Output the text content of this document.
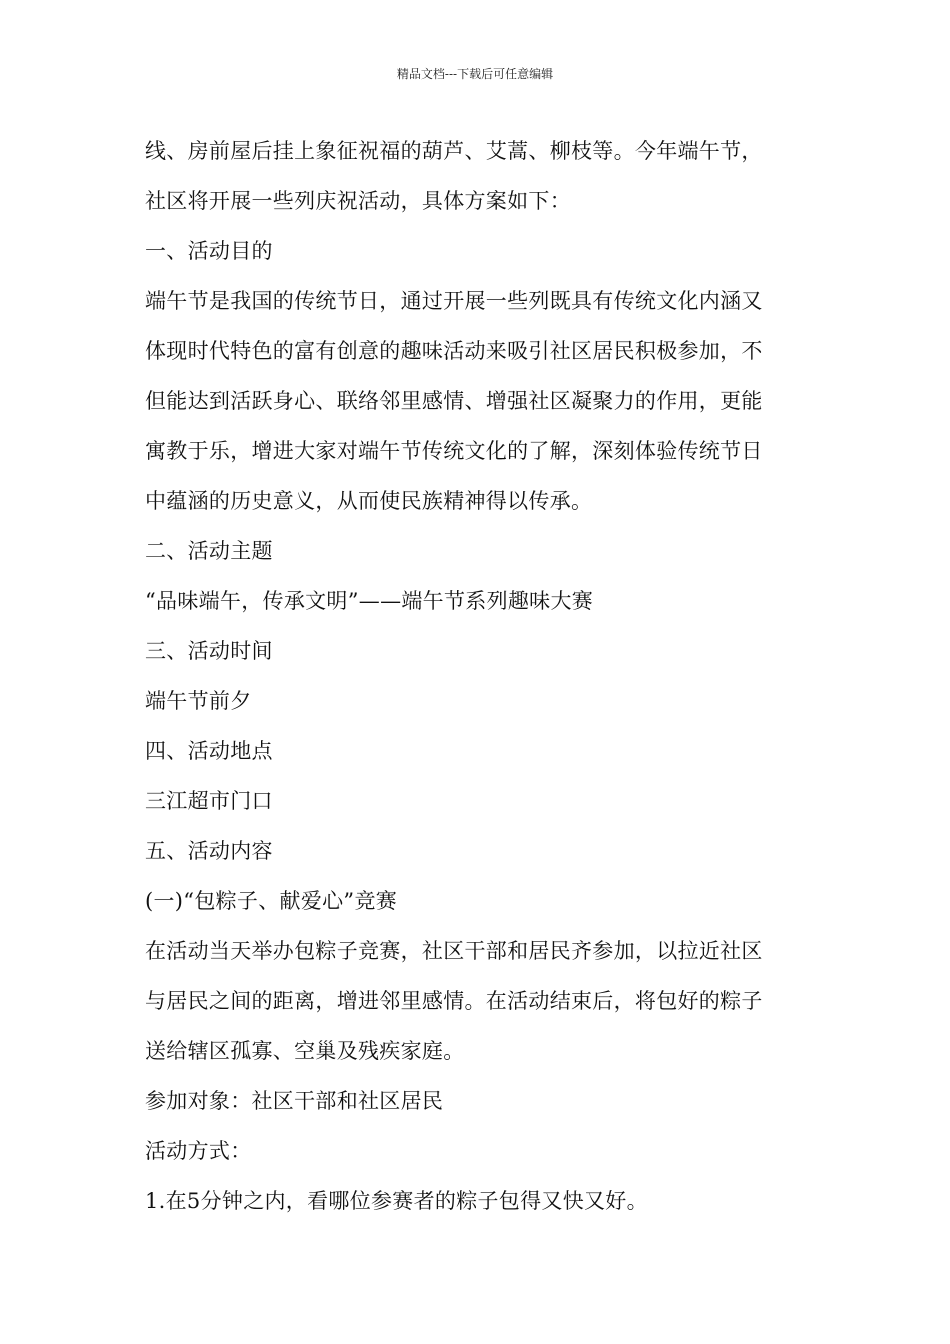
精品文档---下载后可任意编辑
线、房前屋后挂上象征祝福的葫芦、艾蒿、柳枝等。今年端午节，
社区将开展一些列庆祝活动，具体方案如下：
一、活动目的
端午节是我国的传统节日，通过开展一些列既具有传统文化内涵又
体现时代特色的富有创意的趣味活动来吸引社区居民积极参加，不
但能达到活跃身心、联络邻里感情、增强社区凝聚力的作用，更能
寓教于乐，增进大家对端午节传统文化的了解，深刻体验传统节日
中蕴涵的历史意义，从而使民族精神得以传承。
二、活动主题
“品味端午，传承文明”——端午节系列趣味大赛
三、活动时间
端午节前夕
四、活动地点
三江超市门口
五、活动内容
(一)“包粽子、献爱心”竞赛
在活动当天举办包粽子竞赛，社区干部和居民齐参加，以拉近社区
与居民之间的距离，增进邻里感情。在活动结束后，将包好的粽子
送给辖区孤寡、空巢及残疾家庭。
参加对象：社区干部和社区居民
活动方式：
1.在5分钟之内，看哪位参赛者的粽子包得又快又好。
